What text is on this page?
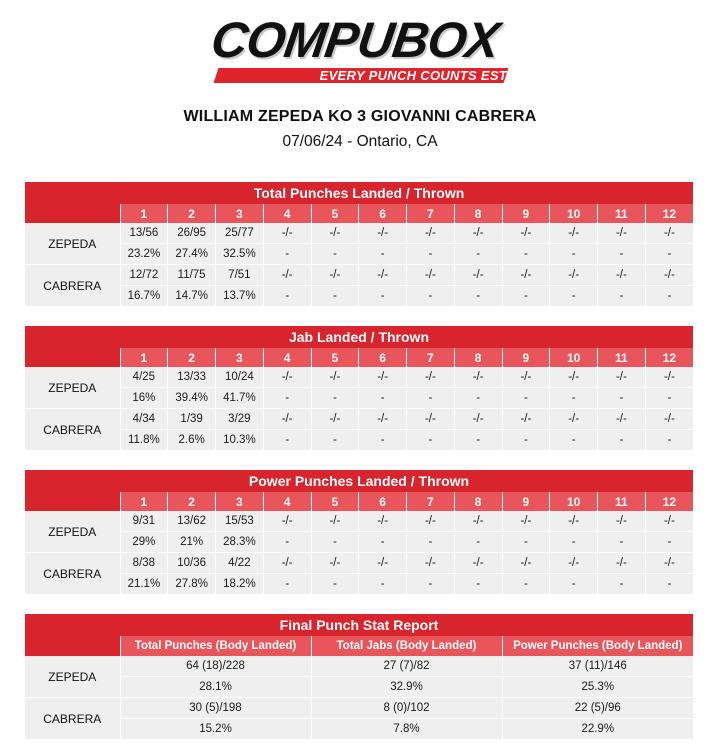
COMPUBOX
EVERY PUNCH COUNTS EST. 1985
WILLIAM ZEPEDA KO 3 GIOVANNI CABRERA
07/06/24 - Ontario, CA
Total Punches Landed / Thrown												
	1	2	3	4	5	6	7	8	9	10	11	12
ZEPEDA	13/56	26/95	25/77	-/-	-/-	-/-	-/-	-/-	-/-	-/-	-/-	-/-
	23.2%	27.4%	32.5%	-	-	-	-	-	-	-	-	-
CABRERA	12/72	11/75	7/51	-/-	-/-	-/-	-/-	-/-	-/-	-/-	-/-	-/-
	16.7%	14.7%	13.7%	-	-	-	-	-	-	-	-	-
Jab Landed / Thrown												
	1	2	3	4	5	6	7	8	9	10	11	12
ZEPEDA	4/25	13/33	10/24	-/-	-/-	-/-	-/-	-/-	-/-	-/-	-/-	-/-
	16%	39.4%	41.7%	-	-	-	-	-	-	-	-	-
CABRERA	4/34	1/39	3/29	-/-	-/-	-/-	-/-	-/-	-/-	-/-	-/-	-/-
	11.8%	2.6%	10.3%	-	-	-	-	-	-	-	-	-
Power Punches Landed / Thrown												
	1	2	3	4	5	6	7	8	9	10	11	12
ZEPEDA	9/31	13/62	15/53	-/-	-/-	-/-	-/-	-/-	-/-	-/-	-/-	-/-
	29%	21%	28.3%	-	-	-	-	-	-	-	-	-
CABRERA	8/38	10/36	4/22	-/-	-/-	-/-	-/-	-/-	-/-	-/-	-/-	-/-
	21.1%	27.8%	18.2%	-	-	-	-	-	-	-	-	-
Final Punch Stat Report			
	Total Punches (Body Landed)	Total Jabs (Body Landed)	Power Punches (Body Landed)
ZEPEDA	64 (18)/228	27 (7)/82	37 (11)/146
	28.1%	32.9%	25.3%
CABRERA	30 (5)/198	8 (0)/102	22 (5)/96
	15.2%	7.8%	22.9%
